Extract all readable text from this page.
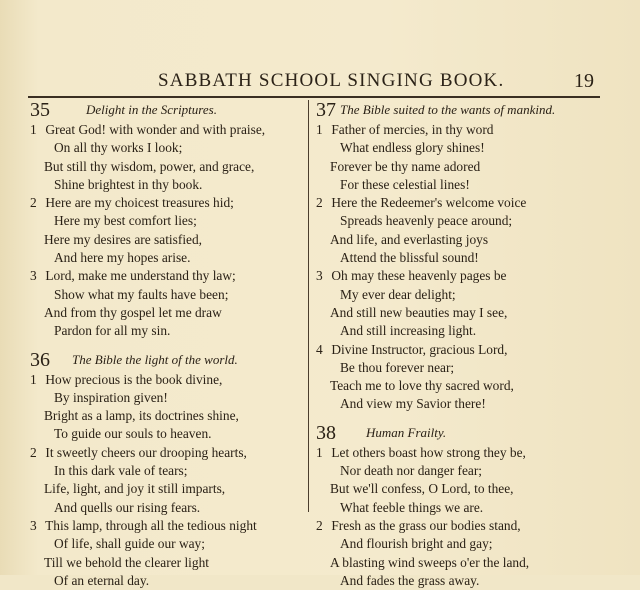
SABBATH SCHOOL SINGING BOOK.	19
35	Delight in the Scriptures.
1 Great God! with wonder and with praise,
On all thy works I look;
But still thy wisdom, power, and grace,
Shine brightest in thy book.
2 Here are my choicest treasures hid;
Here my best comfort lies;
Here my desires are satisfied,
And here my hopes arise.
3 Lord, make me understand thy law;
Show what my faults have been;
And from thy gospel let me draw
Pardon for all my sin.
36 The Bible the light of the world.
1 How precious is the book divine,
By inspiration given!
Bright as a lamp, its doctrines shine,
To guide our souls to heaven.
2 It sweetly cheers our drooping hearts,
In this dark vale of tears;
Life, light, and joy it still imparts,
And quells our rising fears.
3 This lamp, through all the tedious night
Of life, shall guide our way;
Till we behold the clearer light
Of an eternal day.
37 The Bible suited to the wants of mankind.
1 Father of mercies, in thy word
What endless glory shines!
Forever be thy name adored
For these celestial lines!
2 Here the Redeemer's welcome voice
Spreads heavenly peace around;
And life, and everlasting joys
Attend the blissful sound!
3 Oh may these heavenly pages be
My ever dear delight;
And still new beauties may I see,
And still increasing light.
4 Divine Instructor, gracious Lord,
Be thou forever near;
Teach me to love thy sacred word,
And view my Savior there!
38 Human Frailty.
1 Let others boast how strong they be,
Nor death nor danger fear;
But we'll confess, O Lord, to thee,
What feeble things we are.
2 Fresh as the grass our bodies stand,
And flourish bright and gay;
A blasting wind sweeps o'er the land,
And fades the grass away.
